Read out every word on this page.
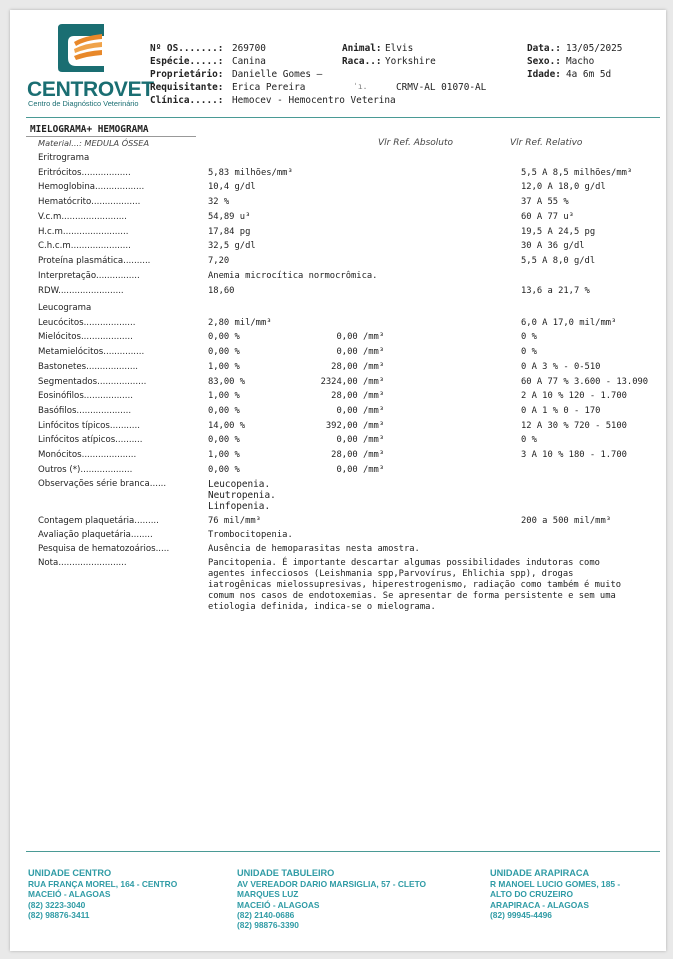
CENTROVET
Centro de Diagnóstico Veterinário
Nº OS.......: 269700
Espécie.....: Canina
Proprietário: Danielle Gomes –
Requisitante: Erica Pereira	ˈı.	CRMV-AL 01070-AL
Clínica.....: Hemocev - Hemocentro Veterina
Animal: Elvis
Raca..: Yorkshire
Data.: 13/05/2025
Sexo.: Macho
Idade: 4a 6m 5d
MIELOGRAMA+ HEMOGRAMA
Material...: MEDULA ÓSSEA	Vlr Ref. Absoluto	Vlr Ref. Relativo
Eritrograma
Eritrócitos..................	5,83 milhões/mm³	5,5 A 8,5 milhões/mm³
Hemoglobina..................	10,4 g/dl	12,0 A 18,0 g/dl
Hematócrito..................	32 %	37 A 55 %
V.c.m........................	54,89 u³	60 A 77 u³
H.c.m........................	17,84 pg	19,5 A 24,5 pg
C.h.c.m......................	32,5 g/dl	30 A 36 g/dl
Proteína plasmática..........	7,20	5,5 A 8,0 g/dl
Interpretação................	Anemia microcítica normocrômica.
RDW........................	18,60	13,6 a 21,7 %
Leucograma
Leucócitos...................	2,80 mil/mm³	6,0 A 17,0 mil/mm³
Mielócitos...................	0,00 %	0,00 /mm³	0 %
Metamielócitos...............	0,00 %	0,00 /mm³	0 %
Bastonetes...................	1,00 %	28,00 /mm³	0 A 3 % - 0-510
Segmentados..................	83,00 %	2324,00 /mm³	60 A 77 % 3.600 - 13.090
Eosinófilos..................	1,00 %	28,00 /mm³	2 A 10 % 120 - 1.700
Basófilos....................	0,00 %	0,00 /mm³	0 A 1 % 0 - 170
Linfócitos típicos...........	14,00 %	392,00 /mm³	12 A 30 % 720 - 5100
Linfócitos atípicos..........	0,00 %	0,00 /mm³	0 %
Monócitos....................	1,00 %	28,00 /mm³	3 A 10 % 180 - 1.700
Outros (*)...................	0,00 %	0,00 /mm³
Observações série branca......	Leucopenia.
Neutropenia.
Linfopenia.
Contagem plaquetária.........	76 mil/mm³	200 a 500 mil/mm³
Avaliação plaquetária........	Trombocitopenia.
Pesquisa de hematozoários.....	Ausência de hemoparasitas nesta amostra.
Nota.........................	Pancitopenia. É importante descartar algumas possibilidades indutoras como agentes infecciosos (Leishmania spp,Parvovírus, Ehlichia spp), drogas iatrogênicas mielossupresivas, hiperestrogenismo, radiação como também é muito comum nos casos de endotoxemias. Se apresentar de forma persistente e sem uma etiologia definida, indica-se o mielograma.
UNIDADE CENTRO
RUA FRANÇA MOREL, 164 - CENTRO
MACEIÓ - ALAGOAS
(82) 3223-3040
(82) 98876-3411
UNIDADE TABULEIRO
AV VEREADOR DARIO MARSIGLIA, 57 - CLETO
MARQUES LUZ
MACEIÓ - ALAGOAS
(82) 2140-0686
(82) 98876-3390
UNIDADE ARAPIRACA
R MANOEL LUCIO GOMES, 185 -
ALTO DO CRUZEIRO
ARAPIRACA - ALAGOAS
(82) 99945-4496
